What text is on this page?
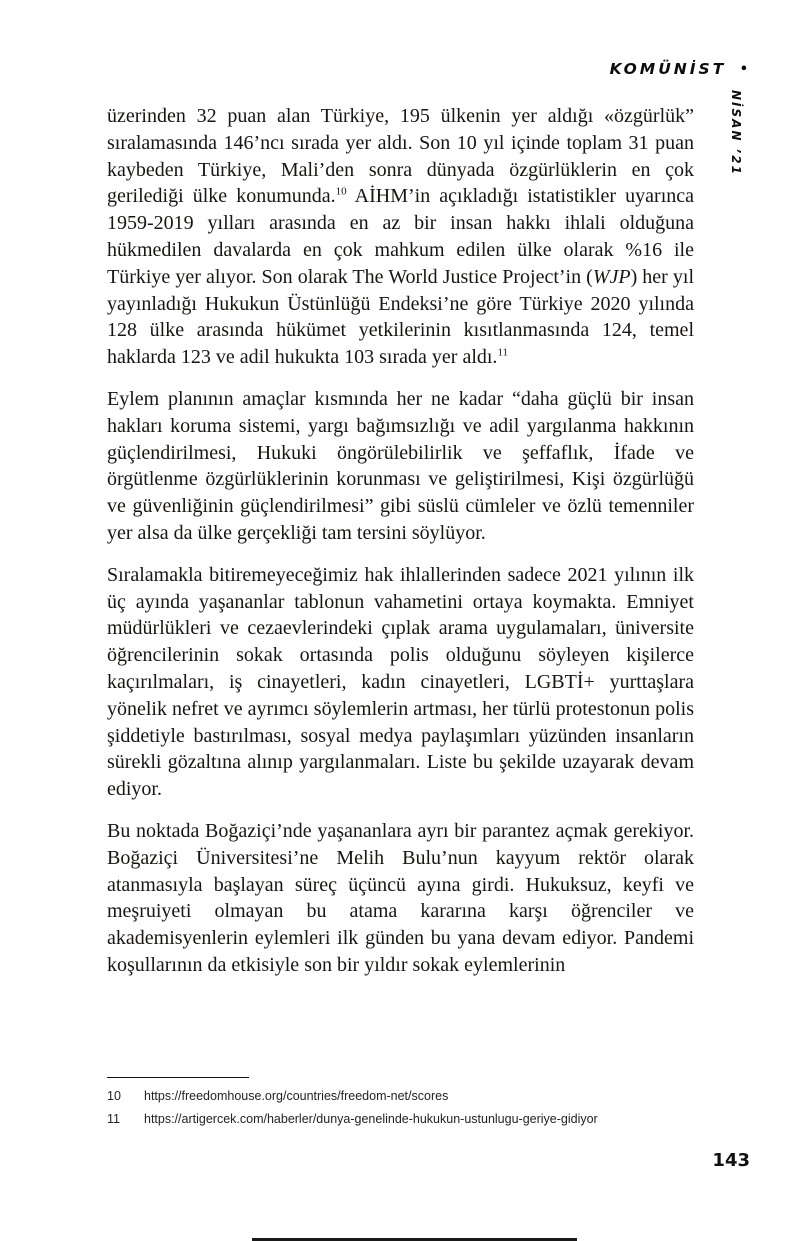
KOMÜNİST •
NİSAN ’21

üzerinden 32 puan alan Türkiye, 195 ülkenin yer aldığı «özgürlük” sıralamasında 146’ncı sırada yer aldı. Son 10 yıl içinde toplam 31 puan kaybeden Türkiye, Mali’den sonra dünyada özgürlüklerin en çok gerilediği ülke konumunda.$^{10}$ AİHM’in açıkladığı istatistikler uyarınca 1959-2019 yılları arasında en az bir insan hakkı ihlali olduğuna hükmedilen davalarda en çok mahkum edilen ülke olarak %16 ile Türkiye yer alıyor. Son olarak The World Justice Project’in (WJP) her yıl yayınladığı Hukukun Üstünlüğü Endeksi’ne göre Türkiye 2020 yılında 128 ülke arasında hükümet yetkilerinin kısıtlanmasında 124, temel haklarda 123 ve adil hukukta 103 sırada yer aldı.$^{11}$

Eylem planının amaçlar kısmında her ne kadar “daha güçlü bir insan hakları koruma sistemi, yargı bağımsızlığı ve adil yargılanma hakkının güçlendirilmesi, Hukuki öngörülebilirlik ve şeffaflık, İfade ve örgütlenme özgürlüklerinin korunması ve geliştirilmesi, Kişi özgürlüğü ve güvenliğinin güçlendirilmesi” gibi süslü cümleler ve özlü temenniler yer alsa da ülke gerçekliği tam tersini söylüyor.

Sıralamakla bitiremeyeceğimiz hak ihlallerinden sadece 2021 yılının ilk üç ayında yaşananlar tablonun vahametini ortaya koymakta. Emniyet müdürlükleri ve cezaevlerindeki çıplak arama uygulamaları, üniversite öğrencilerinin sokak ortasında polis olduğunu söyleyen kişilerce kaçırılmaları, iş cinayetleri, kadın cinayetleri, LGBTİ+ yurttaşlara yönelik nefret ve ayrımcı söylemlerin artması, her türlü protestonun polis şiddetiyle bastırılması, sosyal medya paylaşımları yüzünden insanların sürekli gözaltına alınıp yargılanmaları. Liste bu şekilde uzayarak devam ediyor.

Bu noktada Boğaziçi’nde yaşananlara ayrı bir parantez açmak gerekiyor. Boğaziçi Üniversitesi’ne Melih Bulu’nun kayyum rektör olarak atanmasıyla başlayan süreç üçüncü ayına girdi. Hukuksuz, keyfi ve meşruiyeti olmayan bu atama kararına karşı öğrenciler ve akademisyenlerin eylemleri ilk günden bu yana devam ediyor. Pandemi koşullarının da etkisiyle son bir yıldır sokak eylemlerinin

10	https://freedomhouse.org/countries/freedom-net/scores
11	https://artigercek.com/haberler/dunya-genelinde-hukukun-ustunlugu-geriye-gidiyor
143
